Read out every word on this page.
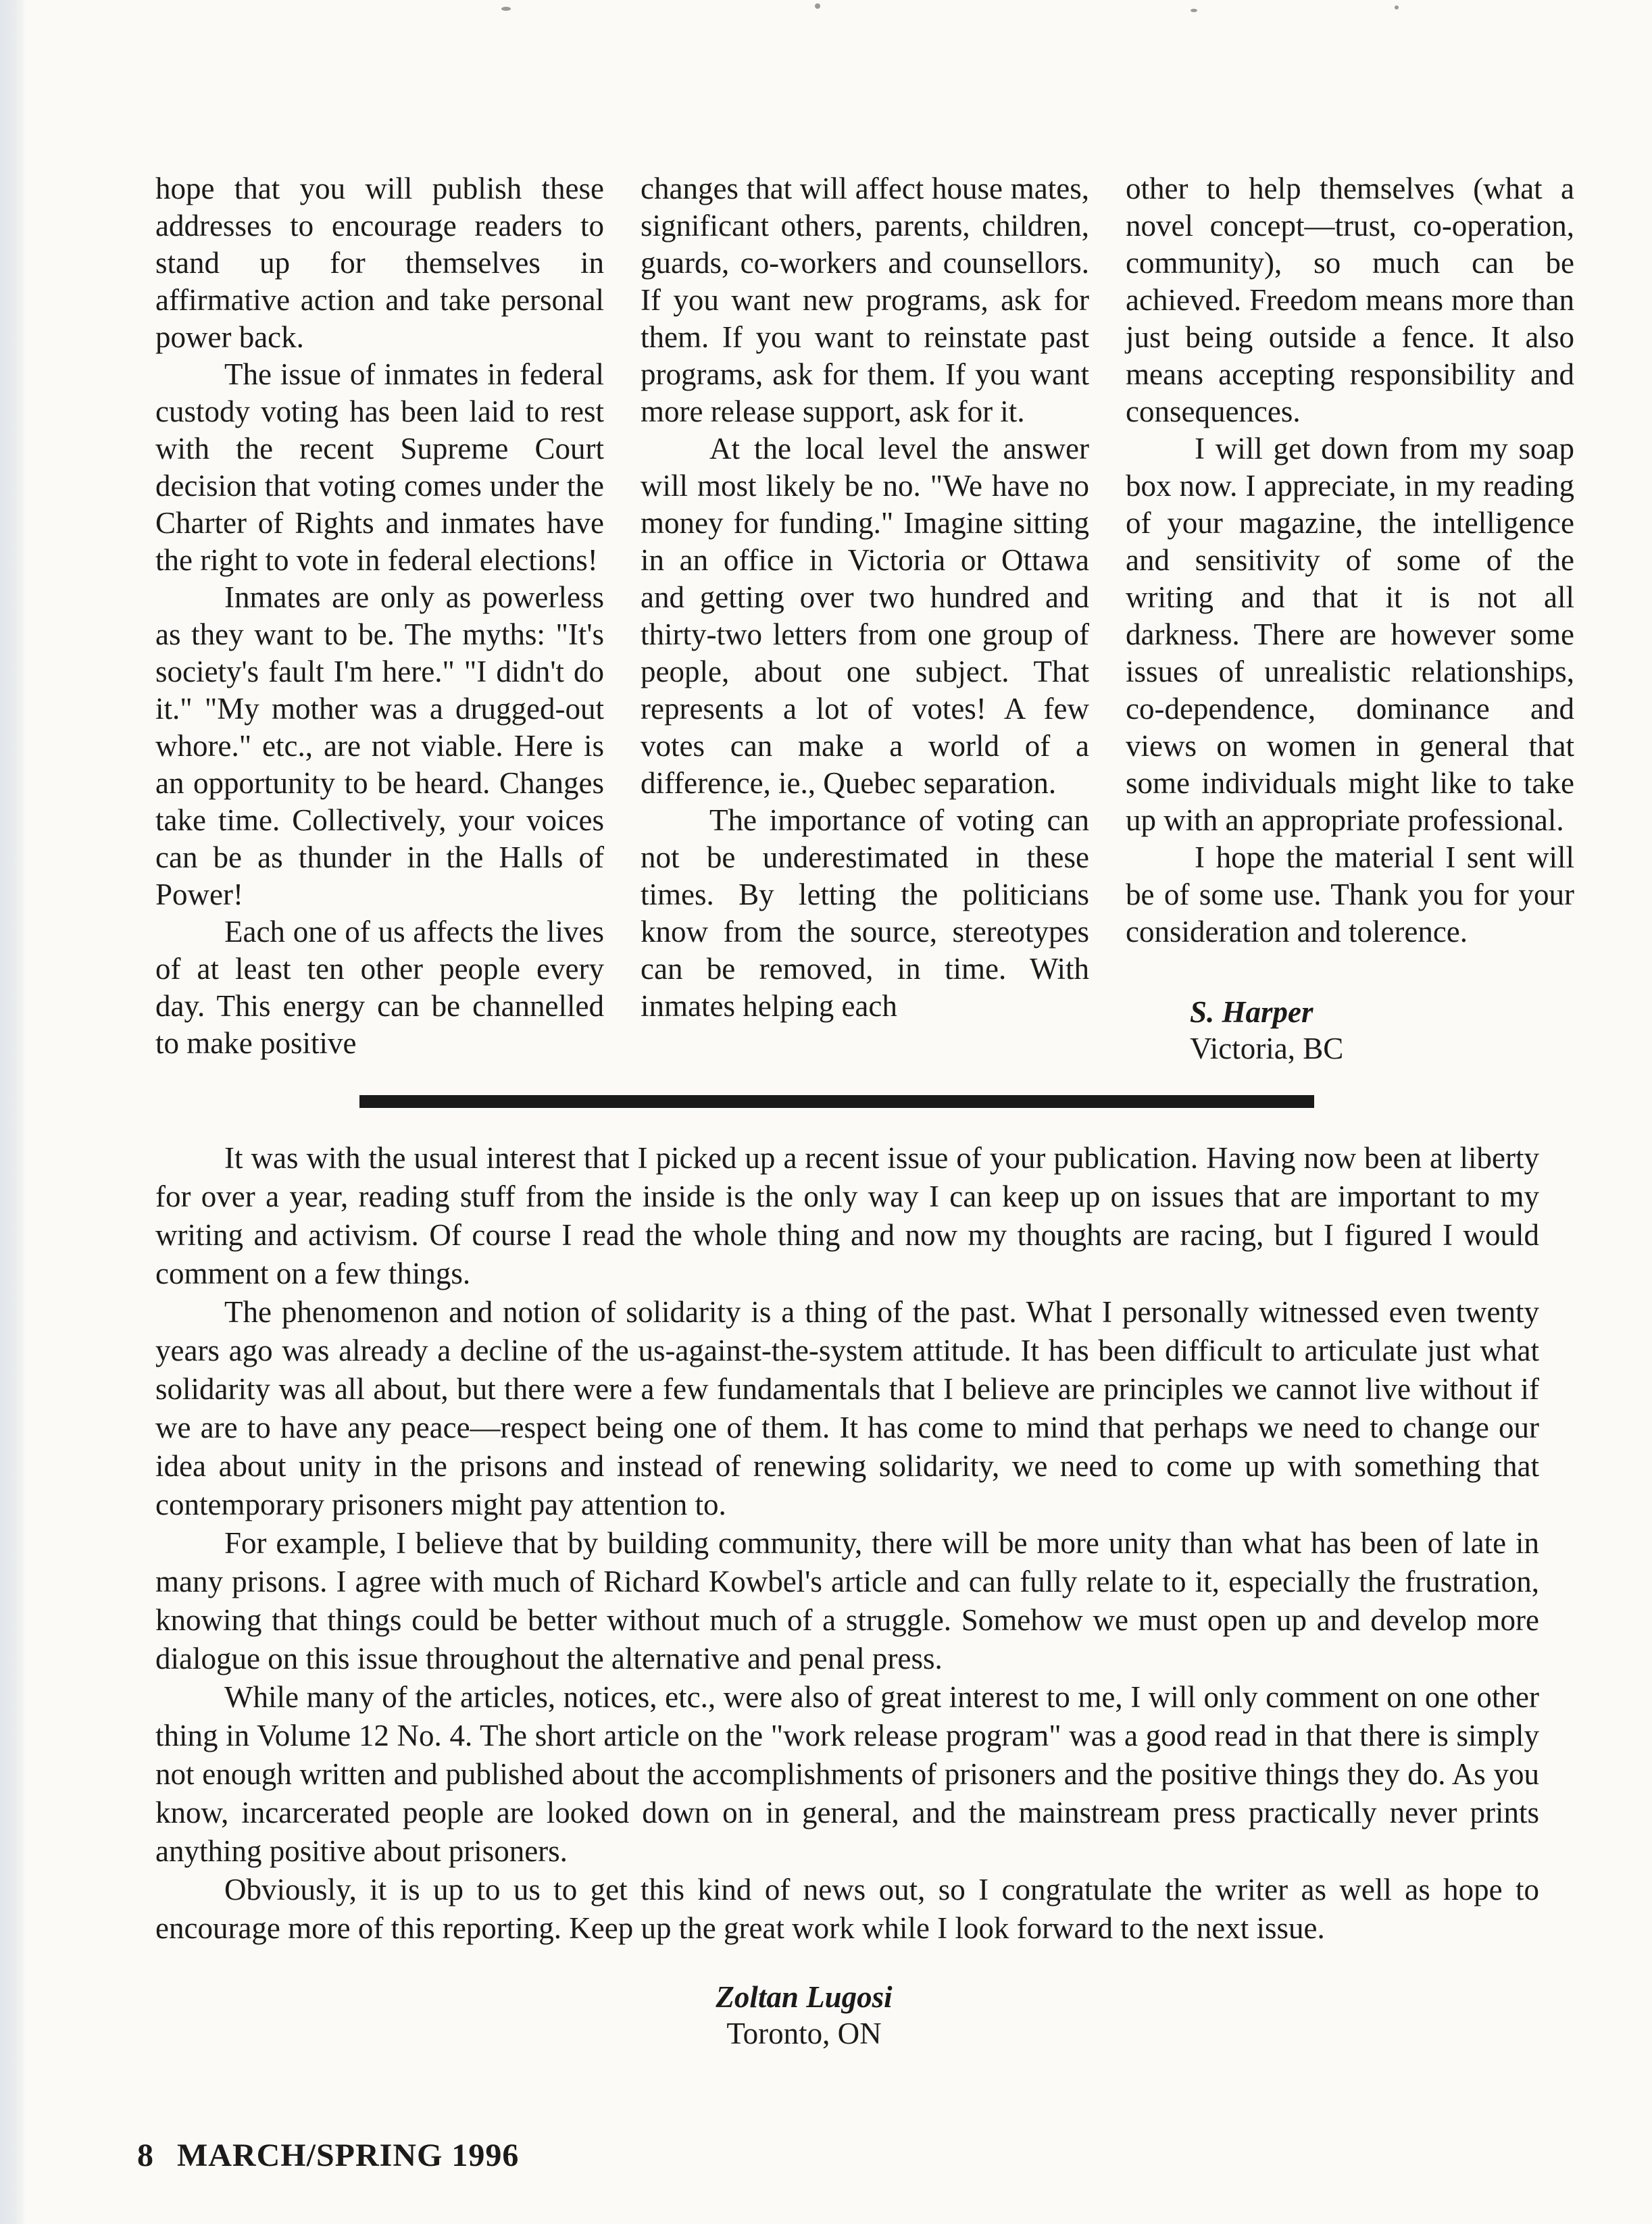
hope that you will publish these addresses to encourage readers to stand up for themselves in affirmative action and take personal power back.

The issue of inmates in federal custody voting has been laid to rest with the recent Supreme Court decision that voting comes under the Charter of Rights and inmates have the right to vote in federal elections!

Inmates are only as powerless as they want to be. The myths: "It's society's fault I'm here." "I didn't do it." "My mother was a drugged-out whore." etc., are not viable. Here is an opportunity to be heard. Changes take time. Collectively, your voices can be as thunder in the Halls of Power!

Each one of us affects the lives of at least ten other people every day. This energy can be channelled to make positive

changes that will affect house mates, significant others, parents, children, guards, co-workers and counsellors. If you want new programs, ask for them. If you want to reinstate past programs, ask for them. If you want more release support, ask for it.

At the local level the answer will most likely be no. "We have no money for funding." Imagine sitting in an office in Victoria or Ottawa and getting over two hundred and thirty-two letters from one group of people, about one subject. That represents a lot of votes! A few votes can make a world of a difference, ie., Quebec separation.

The importance of voting can not be underestimated in these times. By letting the politicians know from the source, stereotypes can be removed, in time. With inmates helping each

other to help themselves (what a novel concept—trust, co-operation, community), so much can be achieved. Freedom means more than just being outside a fence. It also means accepting responsibility and consequences.

I will get down from my soap box now. I appreciate, in my reading of your magazine, the intelligence and sensitivity of some of the writing and that it is not all darkness. There are however some issues of unrealistic relationships, co-dependence, dominance and views on women in general that some individuals might like to take up with an appropriate professional.

I hope the material I sent will be of some use. Thank you for your consideration and tolerence.

S. Harper
Victoria, BC

It was with the usual interest that I picked up a recent issue of your publication. Having now been at liberty for over a year, reading stuff from the inside is the only way I can keep up on issues that are important to my writing and activism. Of course I read the whole thing and now my thoughts are racing, but I figured I would comment on a few things.

The phenomenon and notion of solidarity is a thing of the past. What I personally witnessed even twenty years ago was already a decline of the us-against-the-system attitude. It has been difficult to articulate just what solidarity was all about, but there were a few fundamentals that I believe are principles we cannot live without if we are to have any peace—respect being one of them. It has come to mind that perhaps we need to change our idea about unity in the prisons and instead of renewing solidarity, we need to come up with something that contemporary prisoners might pay attention to.

For example, I believe that by building community, there will be more unity than what has been of late in many prisons. I agree with much of Richard Kowbel's article and can fully relate to it, especially the frustration, knowing that things could be better without much of a struggle. Somehow we must open up and develop more dialogue on this issue throughout the alternative and penal press.

While many of the articles, notices, etc., were also of great interest to me, I will only comment on one other thing in Volume 12 No. 4. The short article on the "work release program" was a good read in that there is simply not enough written and published about the accomplishments of prisoners and the positive things they do. As you know, incarcerated people are looked down on in general, and the mainstream press practically never prints anything positive about prisoners.

Obviously, it is up to us to get this kind of news out, so I congratulate the writer as well as hope to encourage more of this reporting. Keep up the great work while I look forward to the next issue.

Zoltan Lugosi
Toronto, ON
8 MARCH/SPRING 1996
